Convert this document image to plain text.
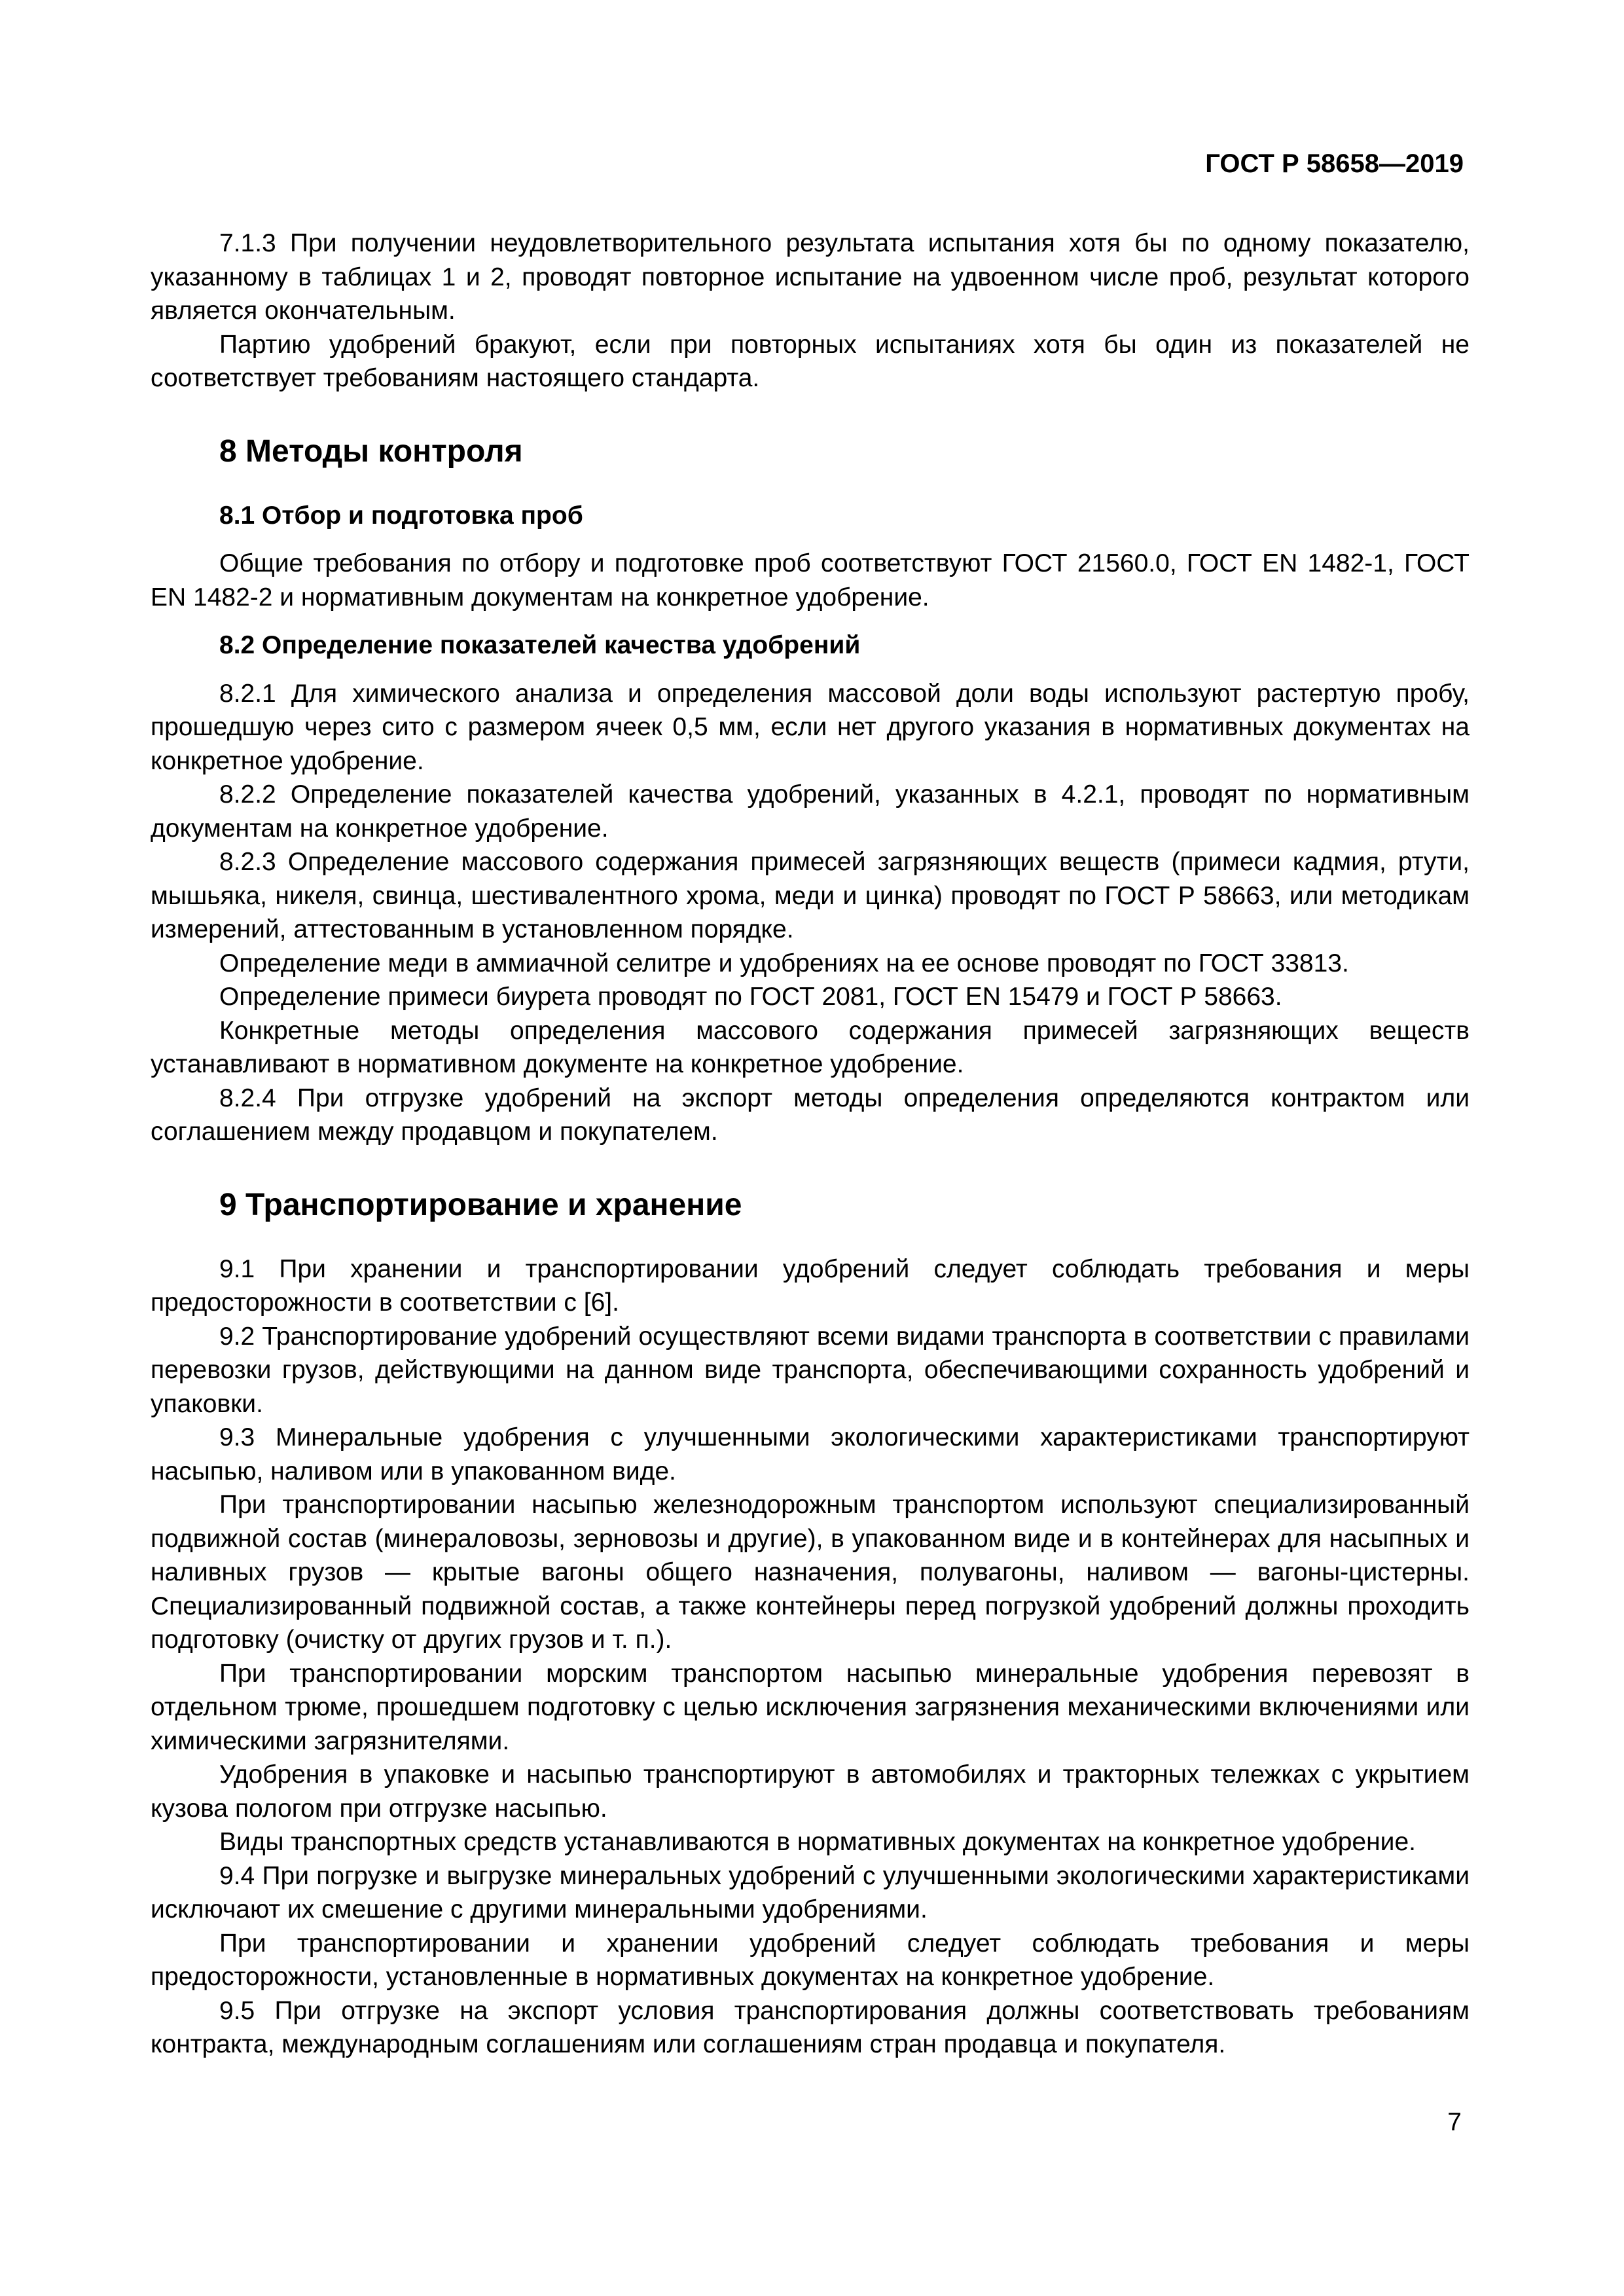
ГОСТ Р 58658—2019

7.1.3 При получении неудовлетворительного результата испытания хотя бы по одному показателю, указанному в таблицах 1 и 2, проводят повторное испытание на удвоенном числе проб, результат которого является окончательным.

Партию удобрений бракуют, если при повторных испытаниях хотя бы один из показателей не соответствует требованиям настоящего стандарта.

8 Методы контроля
8.1 Отбор и подготовка проб

Общие требования по отбору и подготовке проб соответствуют ГОСТ 21560.0, ГОСТ EN 1482-1, ГОСТ EN 1482-2 и нормативным документам на конкретное удобрение.

8.2 Определение показателей качества удобрений

8.2.1 Для химического анализа и определения массовой доли воды используют растертую пробу, прошедшую через сито с размером ячеек 0,5 мм, если нет другого указания в нормативных документах на конкретное удобрение.

8.2.2 Определение показателей качества удобрений, указанных в 4.2.1, проводят по нормативным документам на конкретное удобрение.

8.2.3 Определение массового содержания примесей загрязняющих веществ (примеси кадмия, ртути, мышьяка, никеля, свинца, шестивалентного хрома, меди и цинка) проводят по ГОСТ Р 58663, или методикам измерений, аттестованным в установленном порядке.

Определение меди в аммиачной селитре и удобрениях на ее основе проводят по ГОСТ 33813.

Определение примеси биурета проводят по ГОСТ 2081, ГОСТ EN 15479 и ГОСТ Р 58663.

Конкретные методы определения массового содержания примесей загрязняющих веществ устанавливают в нормативном документе на конкретное удобрение.

8.2.4 При отгрузке удобрений на экспорт методы определения определяются контрактом или соглашением между продавцом и покупателем.

9 Транспортирование и хранение

9.1 При хранении и транспортировании удобрений следует соблюдать требования и меры предосторожности в соответствии с [6].

9.2 Транспортирование удобрений осуществляют всеми видами транспорта в соответствии с правилами перевозки грузов, действующими на данном виде транспорта, обеспечивающими сохранность удобрений и упаковки.

9.3 Минеральные удобрения с улучшенными экологическими характеристиками транспортируют насыпью, наливом или в упакованном виде.

При транспортировании насыпью железнодорожным транспортом используют специализированный подвижной состав (минераловозы, зерновозы и другие), в упакованном виде и в контейнерах для насыпных и наливных грузов — крытые вагоны общего назначения, полувагоны, наливом — вагоны-цистерны. Специализированный подвижной состав, а также контейнеры перед погрузкой удобрений должны проходить подготовку (очистку от других грузов и т. п.).

При транспортировании морским транспортом насыпью минеральные удобрения перевозят в отдельном трюме, прошедшем подготовку с целью исключения загрязнения механическими включениями или химическими загрязнителями.

Удобрения в упаковке и насыпью транспортируют в автомобилях и тракторных тележках с укрытием кузова пологом при отгрузке насыпью.

Виды транспортных средств устанавливаются в нормативных документах на конкретное удобрение.

9.4 При погрузке и выгрузке минеральных удобрений с улучшенными экологическими характеристиками исключают их смешение с другими минеральными удобрениями.

При транспортировании и хранении удобрений следует соблюдать требования и меры предосторожности, установленные в нормативных документах на конкретное удобрение.

9.5 При отгрузке на экспорт условия транспортирования должны соответствовать требованиям контракта, международным соглашениям или соглашениям стран продавца и покупателя.

7
